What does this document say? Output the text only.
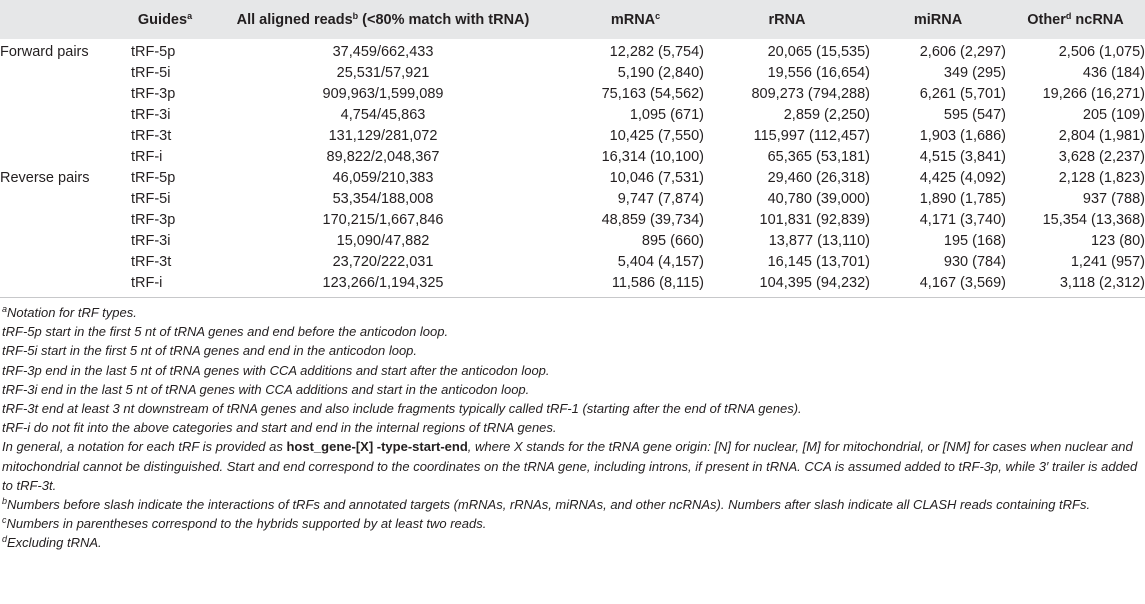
	Guides$^a$	All aligned reads$^b$ (<80% match with tRNA)	mRNA$^c$	rRNA	miRNA	Other$^d$ ncRNA
Forward pairs	tRF-5p	37,459/662,433	12,282 (5,754)	20,065 (15,535)	2,606 (2,297)	2,506 (1,075)
	tRF-5i	25,531/57,921	5,190 (2,840)	19,556 (16,654)	349 (295)	436 (184)
	tRF-3p	909,963/1,599,089	75,163 (54,562)	809,273 (794,288)	6,261 (5,701)	19,266 (16,271)
	tRF-3i	4,754/45,863	1,095 (671)	2,859 (2,250)	595 (547)	205 (109)
	tRF-3t	131,129/281,072	10,425 (7,550)	115,997 (112,457)	1,903 (1,686)	2,804 (1,981)
	tRF-i	89,822/2,048,367	16,314 (10,100)	65,365 (53,181)	4,515 (3,841)	3,628 (2,237)
Reverse pairs	tRF-5p	46,059/210,383	10,046 (7,531)	29,460 (26,318)	4,425 (4,092)	2,128 (1,823)
	tRF-5i	53,354/188,008	9,747 (7,874)	40,780 (39,000)	1,890 (1,785)	937 (788)
	tRF-3p	170,215/1,667,846	48,859 (39,734)	101,831 (92,839)	4,171 (3,740)	15,354 (13,368)
	tRF-3i	15,090/47,882	895 (660)	13,877 (13,110)	195 (168)	123 (80)
	tRF-3t	23,720/222,031	5,404 (4,157)	16,145 (13,701)	930 (784)	1,241 (957)
	tRF-i	123,266/1,194,325	11,586 (8,115)	104,395 (94,232)	4,167 (3,569)	3,118 (2,312)

$^a$Notation for tRF types.

tRF-5p start in the first 5 nt of tRNA genes and end before the anticodon loop.

tRF-5i start in the first 5 nt of tRNA genes and end in the anticodon loop.

tRF-3p end in the last 5 nt of tRNA genes with CCA additions and start after the anticodon loop.

tRF-3i end in the last 5 nt of tRNA genes with CCA additions and start in the anticodon loop.

tRF-3t end at least 3 nt downstream of tRNA genes and also include fragments typically called tRF-1 (starting after the end of tRNA genes).

tRF-i do not fit into the above categories and start and end in the internal regions of tRNA genes.

In general, a notation for each tRF is provided as host_gene-[X] -type-start-end, where X stands for the tRNA gene origin: [N] for nuclear, [M] for mitochondrial, or [NM] for cases when nuclear and mitochondrial cannot be distinguished. Start and end correspond to the coordinates on the tRNA gene, including introns, if present in tRNA. CCA is assumed added to tRF-3p, while 3′ trailer is added to tRF-3t.

$^b$Numbers before slash indicate the interactions of tRFs and annotated targets (mRNAs, rRNAs, miRNAs, and other ncRNAs). Numbers after slash indicate all CLASH reads containing tRFs.

$^c$Numbers in parentheses correspond to the hybrids supported by at least two reads.

$^d$Excluding tRNA.
